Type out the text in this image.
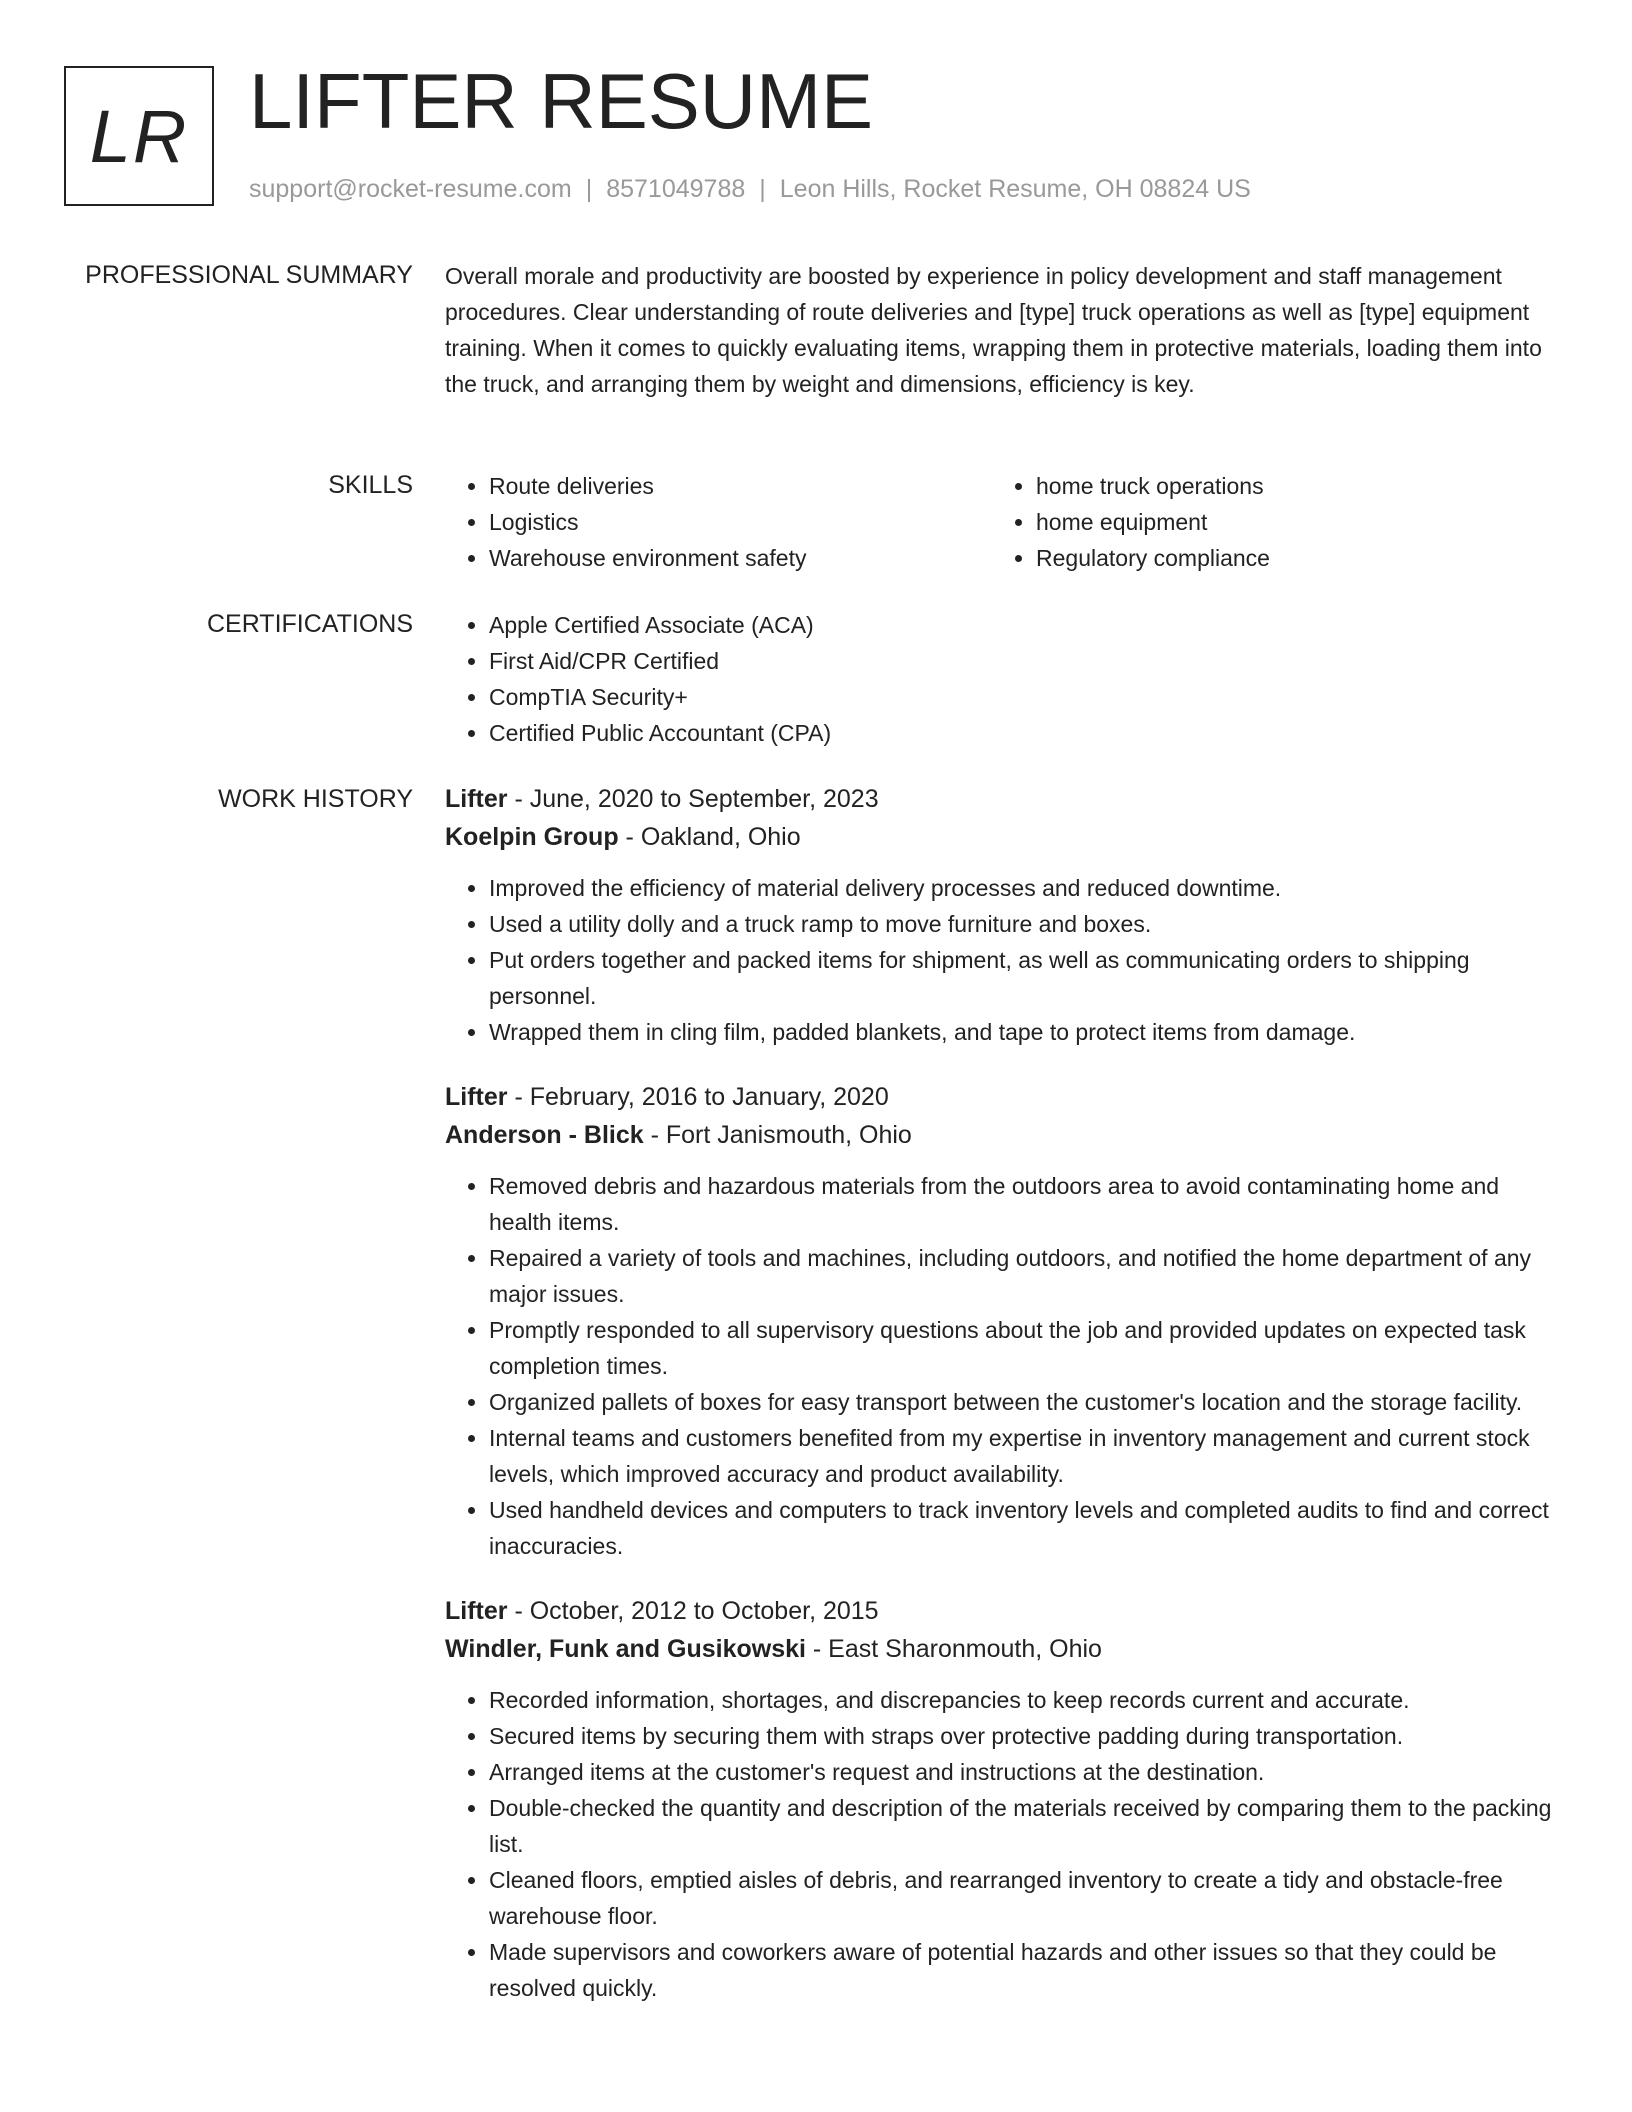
LR LIFTER RESUME
support@rocket-resume.com | 8571049788 | Leon Hills, Rocket Resume, OH 08824 US
PROFESSIONAL SUMMARY Overall morale and productivity are boosted by experience in policy development and staff management procedures. Clear understanding of route deliveries and [type] truck operations as well as [type] equipment training. When it comes to quickly evaluating items, wrapping them in protective materials, loading them into the truck, and arranging them by weight and dimensions, efficiency is key.

SKILLS	• Route deliveries
• Logistics
• Warehouse environment safety
• home truck operations
• home equipment
• Regulatory compliance
CERTIFICATIONS	• Apple Certified Associate (ACA)
• First Aid/CPR Certified
• CompTIA Security+
• Certified Public Accountant (CPA)
WORK HISTORY Lifter - June, 2020 to September, 2023
Koelpin Group - Oakland, Ohio
• Improved the efficiency of material delivery processes and reduced downtime.
• Used a utility dolly and a truck ramp to move furniture and boxes.
• Put orders together and packed items for shipment, as well as communicating orders to shipping personnel.
• Wrapped them in cling film, padded blankets, and tape to protect items from damage.
Lifter - February, 2016 to January, 2020
Anderson - Blick - Fort Janismouth, Ohio
• Removed debris and hazardous materials from the outdoors area to avoid contaminating home and health items.
• Repaired a variety of tools and machines, including outdoors, and notified the home department of any major issues.
• Promptly responded to all supervisory questions about the job and provided updates on expected task completion times.
• Organized pallets of boxes for easy transport between the customer's location and the storage facility.
• Internal teams and customers benefited from my expertise in inventory management and current stock levels, which improved accuracy and product availability.
• Used handheld devices and computers to track inventory levels and completed audits to find and correct inaccuracies.
Lifter - October, 2012 to October, 2015
Windler, Funk and Gusikowski - East Sharonmouth, Ohio
• Recorded information, shortages, and discrepancies to keep records current and accurate.
• Secured items by securing them with straps over protective padding during transportation.
• Arranged items at the customer's request and instructions at the destination.
• Double-checked the quantity and description of the materials received by comparing them to the packing list.
• Cleaned floors, emptied aisles of debris, and rearranged inventory to create a tidy and obstacle-free warehouse floor.
• Made supervisors and coworkers aware of potential hazards and other issues so that they could be resolved quickly.
